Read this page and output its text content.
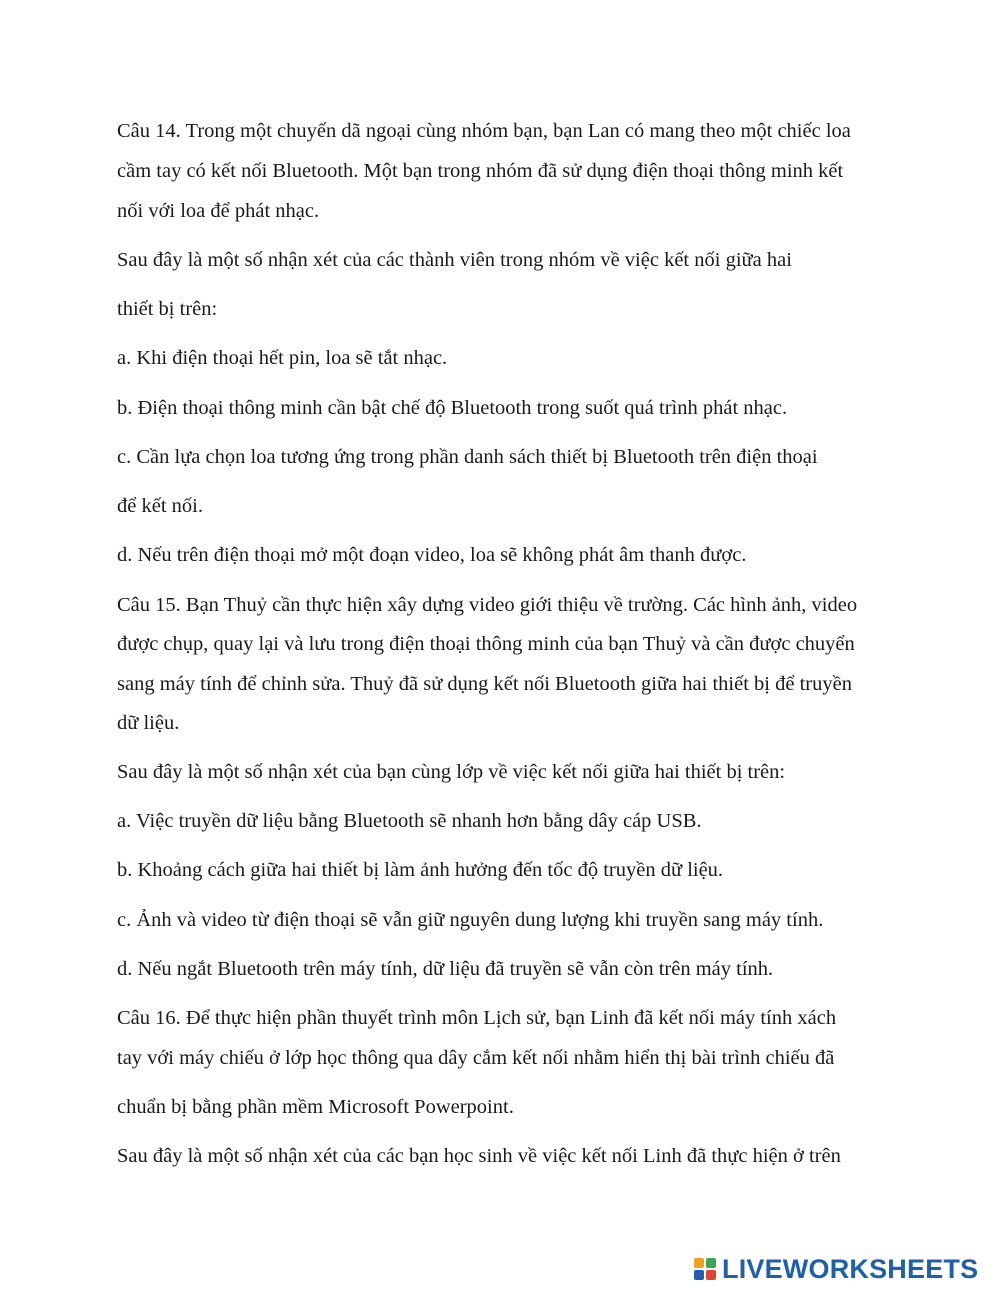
Câu 14. Trong một chuyến dã ngoại cùng nhóm bạn, bạn Lan có mang theo một chiếc loa
cầm tay có kết nối Bluetooth. Một bạn trong nhóm đã sử dụng điện thoại thông minh kết
nối với loa để phát nhạc.
Sau đây là một số nhận xét của các thành viên trong nhóm về việc kết nối giữa hai
thiết bị trên:
a. Khi điện thoại hết pin, loa sẽ tắt nhạc.
b. Điện thoại thông minh cần bật chế độ Bluetooth trong suốt quá trình phát nhạc.
c. Cần lựa chọn loa tương ứng trong phần danh sách thiết bị Bluetooth trên điện thoại
để kết nối.
d. Nếu trên điện thoại mở một đoạn video, loa sẽ không phát âm thanh được.
Câu 15. Bạn Thuỷ cần thực hiện xây dựng video giới thiệu về trường. Các hình ảnh, video
được chụp, quay lại và lưu trong điện thoại thông minh của bạn Thuỷ và cần được chuyển
sang máy tính để chỉnh sửa. Thuỷ đã sử dụng kết nối Bluetooth giữa hai thiết bị để truyền
dữ liệu.
Sau đây là một số nhận xét của bạn cùng lớp về việc kết nối giữa hai thiết bị trên:
a. Việc truyền dữ liệu bằng Bluetooth sẽ nhanh hơn bằng dây cáp USB.
b. Khoảng cách giữa hai thiết bị làm ảnh hưởng đến tốc độ truyền dữ liệu.
c. Ảnh và video từ điện thoại sẽ vẫn giữ nguyên dung lượng khi truyền sang máy tính.
d. Nếu ngắt Bluetooth trên máy tính, dữ liệu đã truyền sẽ vẫn còn trên máy tính.
Câu 16. Để thực hiện phần thuyết trình môn Lịch sử, bạn Linh đã kết nối máy tính xách
tay với máy chiếu ở lớp học thông qua dây cắm kết nối nhằm hiển thị bài trình chiếu đã
chuẩn bị bằng phần mềm Microsoft Powerpoint.
Sau đây là một số nhận xét của các bạn học sinh về việc kết nối Linh đã thực hiện ở trên
LIVEWORKSHEETS
